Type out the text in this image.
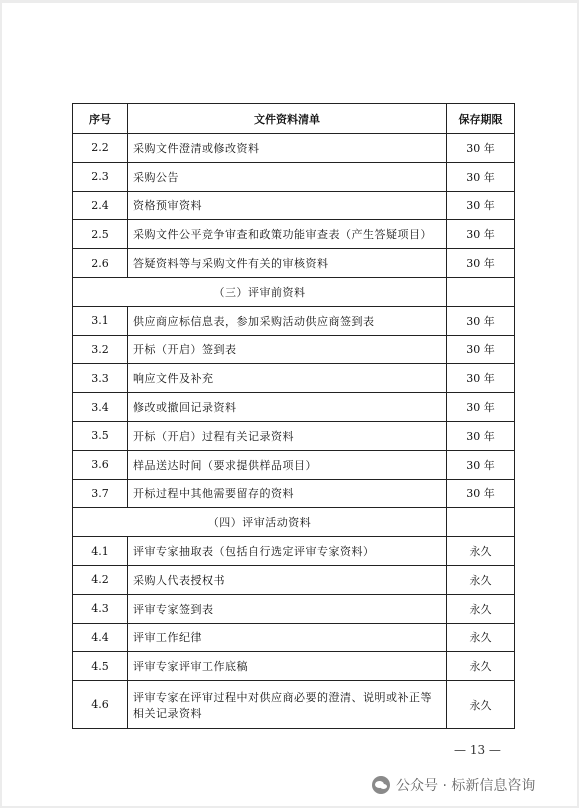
序号	文件资料清单	保存期限
2.2	采购文件澄清或修改资料	30 年
2.3	采购公告	30 年
2.4	资格预审资料	30 年
2.5	采购文件公平竞争审查和政策功能审查表（产生答疑项目）	30 年
2.6	答疑资料等与采购文件有关的审核资料	30 年
（三）评审前资料		
3.1	供应商应标信息表，参加采购活动供应商签到表	30 年
3.2	开标（开启）签到表	30 年
3.3	响应文件及补充	30 年
3.4	修改或撤回记录资料	30 年
3.5	开标（开启）过程有关记录资料	30 年
3.6	样品送达时间（要求提供样品项目）	30 年
3.7	开标过程中其他需要留存的资料	30 年
（四）评审活动资料		
4.1	评审专家抽取表（包括自行选定评审专家资料）	永久
4.2	采购人代表授权书	永久
4.3	评审专家签到表	永久
4.4	评审工作纪律	永久
4.5	评审专家评审工作底稿	永久
4.6	评审专家在评审过程中对供应商必要的澄清、说明或补正等相关记录资料	永久
— 13 —
公众号 · 标新信息咨询
